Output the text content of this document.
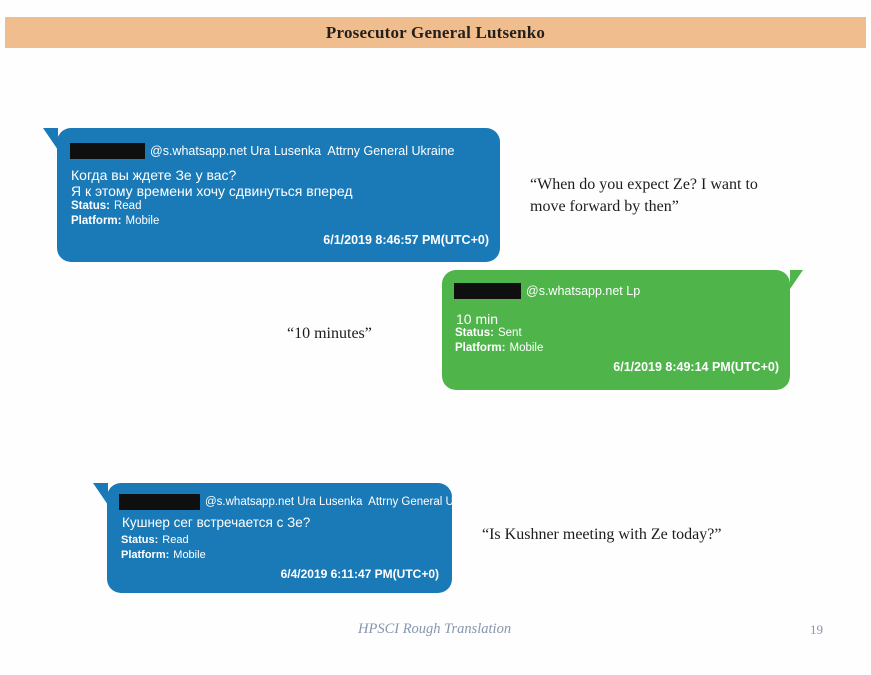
Prosecutor General Lutsenko
@s.whatsapp.net Ura Lusenka  Attrny General Ukraine
Когда вы ждете Зе у вас?
Я к этому времени хочу сдвинуться вперед
Status: Read
Platform: Mobile
6/1/2019 8:46:57 PM(UTC+0)
“When do you expect Ze? I want to
move forward by then”
@s.whatsapp.net Lp
10 min
Status: Sent
Platform: Mobile
6/1/2019 8:49:14 PM(UTC+0)
“10 minutes”
@s.whatsapp.net Ura Lusenka  Attrny General Ukraine
Кушнер сег встречается с Зе?
Status: Read
Platform: Mobile
6/4/2019 6:11:47 PM(UTC+0)
“Is Kushner meeting with Ze today?”
HPSCI Rough Translation	19
